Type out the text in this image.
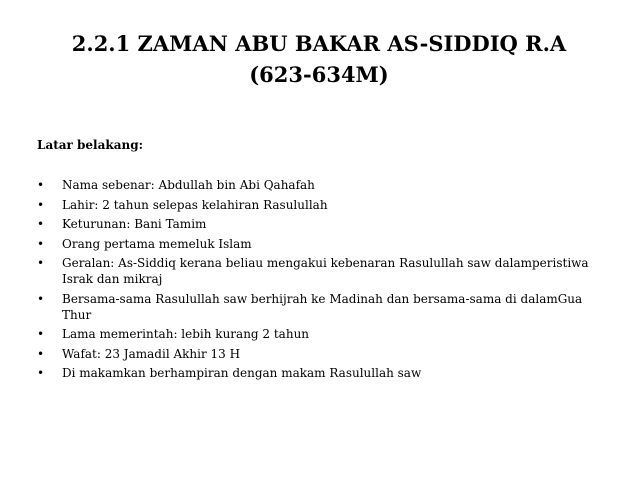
2.2.1 ZAMAN ABU BAKAR AS-SIDDIQ R.A
(623-634M)

Latar belakang:

• Nama sebenar: Abdullah bin Abi Qahafah
• Lahir: 2 tahun selepas kelahiran Rasulullah
• Keturunan: Bani Tamim
• Orang pertama memeluk Islam
• Geralan: As-Siddiq kerana beliau mengakui kebenaran Rasulullah saw dalamperistiwa Israk dan mikraj
• Bersama-sama Rasulullah saw berhijrah ke Madinah dan bersama-sama di dalamGua Thur
• Lama memerintah: lebih kurang 2 tahun
• Wafat: 23 Jamadil Akhir 13 H
• Di makamkan berhampiran dengan makam Rasulullah saw
